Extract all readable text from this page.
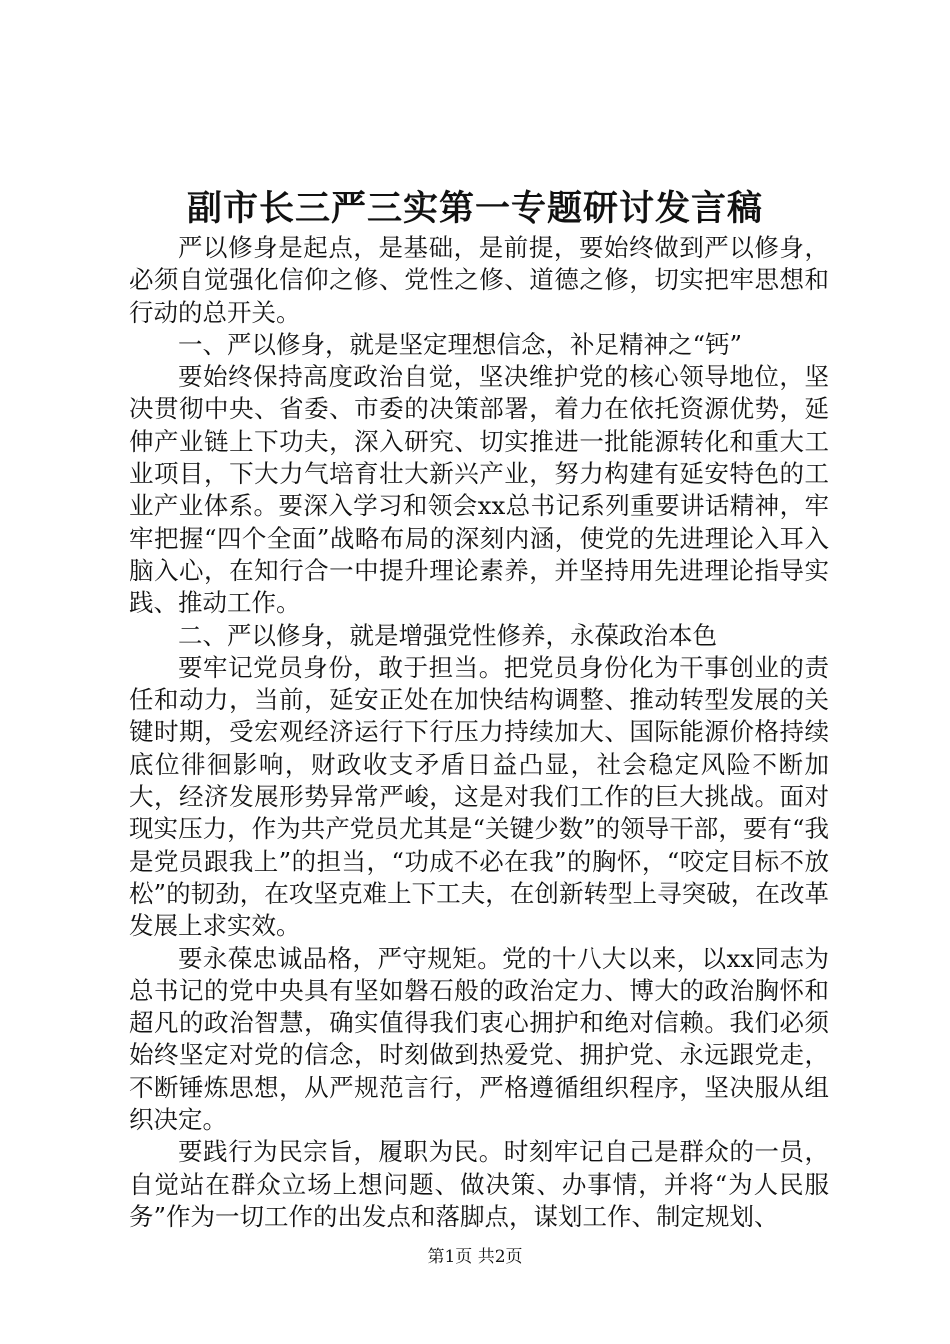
副市长三严三实第一专题研讨发言稿

严以修身是起点，是基础，是前提，要始终做到严以修身，必须自觉强化信仰之修、党性之修、道德之修，切实把牢思想和行动的总开关。

一、严以修身，就是坚定理想信念，补足精神之“钙”

要始终保持高度政治自觉，坚决维护党的核心领导地位，坚决贯彻中央、省委、市委的决策部署，着力在依托资源优势，延伸产业链上下功夫，深入研究、切实推进一批能源转化和重大工业项目，下大力气培育壮大新兴产业，努力构建有延安特色的工业产业体系。要深入学习和领会xx总书记系列重要讲话精神，牢牢把握“四个全面”战略布局的深刻内涵，使党的先进理论入耳入脑入心，在知行合一中提升理论素养，并坚持用先进理论指导实践、推动工作。

二、严以修身，就是增强党性修养，永葆政治本色

要牢记党员身份，敢于担当。把党员身份化为干事创业的责任和动力，当前，延安正处在加快结构调整、推动转型发展的关键时期，受宏观经济运行下行压力持续加大、国际能源价格持续底位徘徊影响，财政收支矛盾日益凸显，社会稳定风险不断加大，经济发展形势异常严峻，这是对我们工作的巨大挑战。面对现实压力，作为共产党员尤其是“关键少数”的领导干部，要有“我是党员跟我上”的担当，“功成不必在我”的胸怀，“咬定目标不放松”的韧劲，在攻坚克难上下工夫，在创新转型上寻突破，在改革发展上求实效。

要永葆忠诚品格，严守规矩。党的十八大以来，以xx同志为总书记的党中央具有坚如磐石般的政治定力、博大的政治胸怀和超凡的政治智慧，确实值得我们衷心拥护和绝对信赖。我们必须始终坚定对党的信念，时刻做到热爱党、拥护党、永远跟党走，不断锤炼思想，从严规范言行，严格遵循组织程序，坚决服从组织决定。

要践行为民宗旨，履职为民。时刻牢记自己是群众的一员，自觉站在群众立场上想问题、做决策、办事情，并将“为人民服务”作为一切工作的出发点和落脚点，谋划工作、制定规划、

第1页 共2页
